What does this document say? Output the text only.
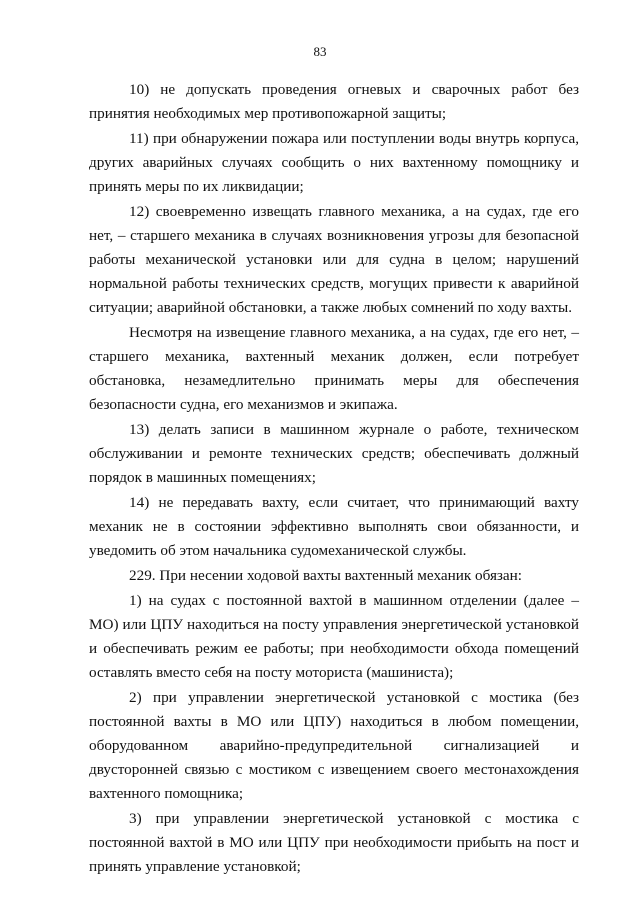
83

10) не допускать проведения огневых и сварочных работ без принятия необходимых мер противопожарной защиты;

11) при обнаружении пожара или поступлении воды внутрь корпуса, других аварийных случаях сообщить о них вахтенному помощнику и принять меры по их ликвидации;

12) своевременно извещать главного механика, а на судах, где его нет, – старшего механика в случаях возникновения угрозы для безопасной работы механической установки или для судна в целом; нарушений нормальной работы технических средств, могущих привести к аварийной ситуации; аварийной обстановки, а также любых сомнений по ходу вахты.

Несмотря на извещение главного механика, а на судах, где его нет, – старшего механика, вахтенный механик должен, если потребует обстановка, незамедлительно принимать меры для обеспечения безопасности судна, его механизмов и экипажа.

13) делать записи в машинном журнале о работе, техническом обслуживании и ремонте технических средств; обеспечивать должный порядок в машинных помещениях;

14) не передавать вахту, если считает, что принимающий вахту механик не в состоянии эффективно выполнять свои обязанности, и уведомить об этом начальника судомеханической службы.

229. При несении ходовой вахты вахтенный механик обязан:

1) на судах с постоянной вахтой в машинном отделении (далее – МО) или ЦПУ находиться на посту управления энергетической установкой и обеспечивать режим ее работы; при необходимости обхода помещений оставлять вместо себя на посту моториста (машиниста);

2) при управлении энергетической установкой с мостика (без постоянной вахты в МО или ЦПУ) находиться в любом помещении, оборудованном аварийно-предупредительной сигнализацией и двусторонней связью с мостиком с извещением своего местонахождения вахтенного помощника;

3) при управлении энергетической установкой с мостика с постоянной вахтой в МО или ЦПУ при необходимости прибыть на пост и принять управление установкой;
